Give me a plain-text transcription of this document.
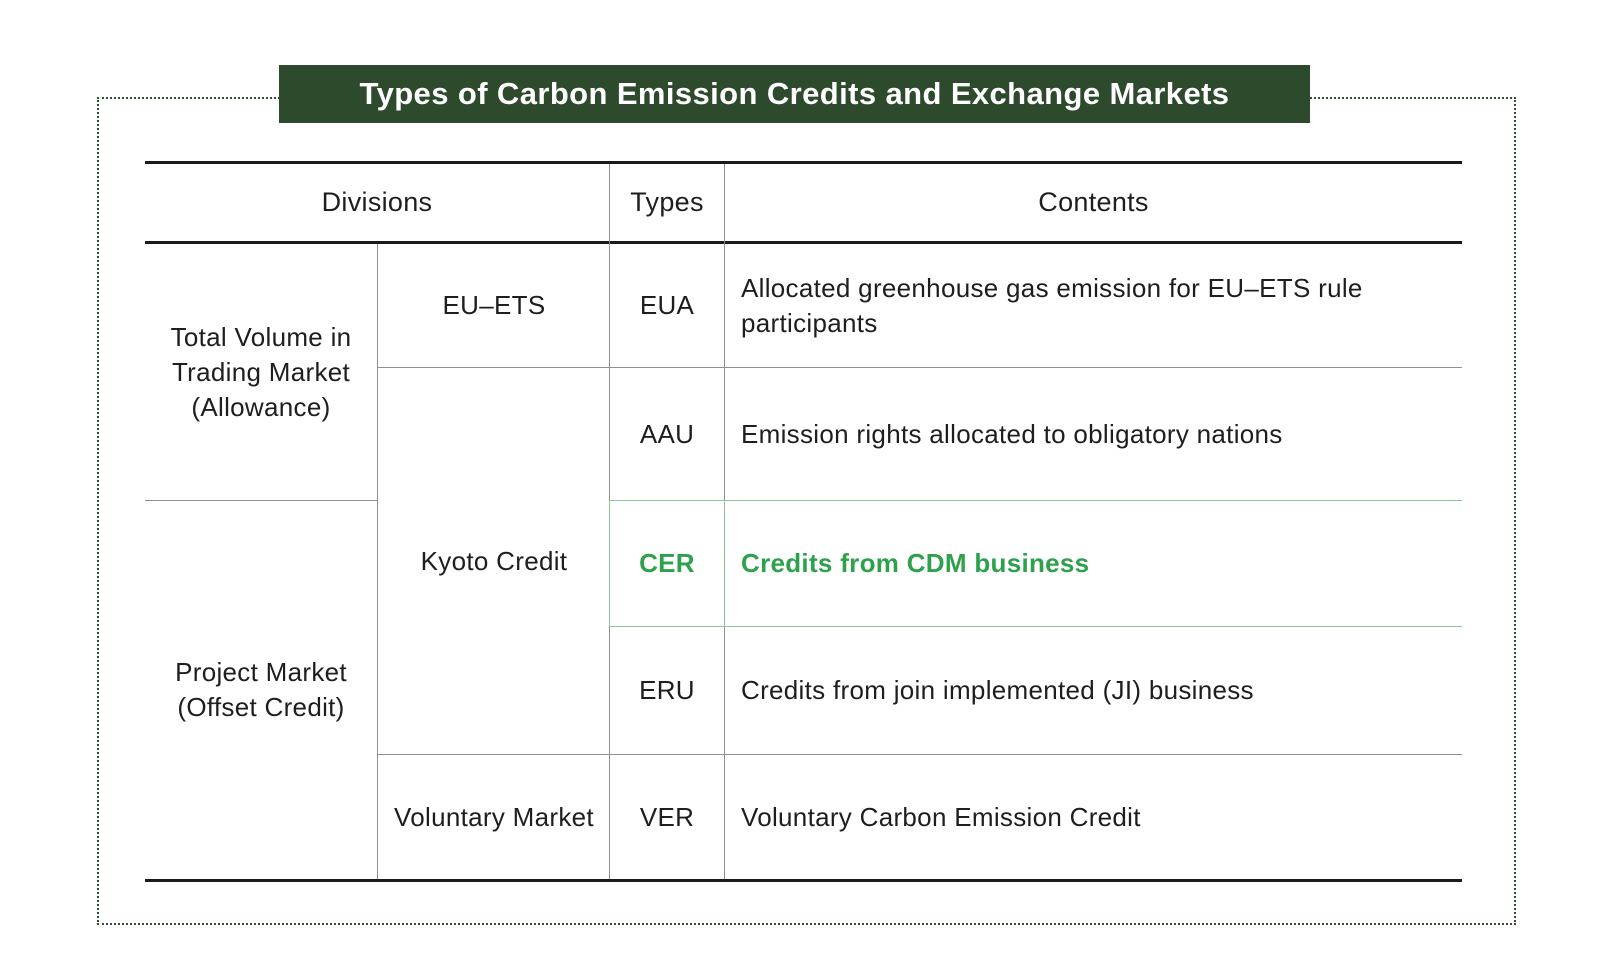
Types of Carbon Emission Credits and Exchange Markets
Divisions	Types	Contents
Total Volume in
Trading Market
(Allowance)
Project Market
(Offset Credit)
EU–ETS
Kyoto Credit
Voluntary Market
EUA
AAU
CER
ERU
VER
Allocated greenhouse gas emission for EU–ETS rule participants
Emission rights allocated to obligatory nations
Credits from CDM business
Credits from join implemented (JI) business
Voluntary Carbon Emission Credit
